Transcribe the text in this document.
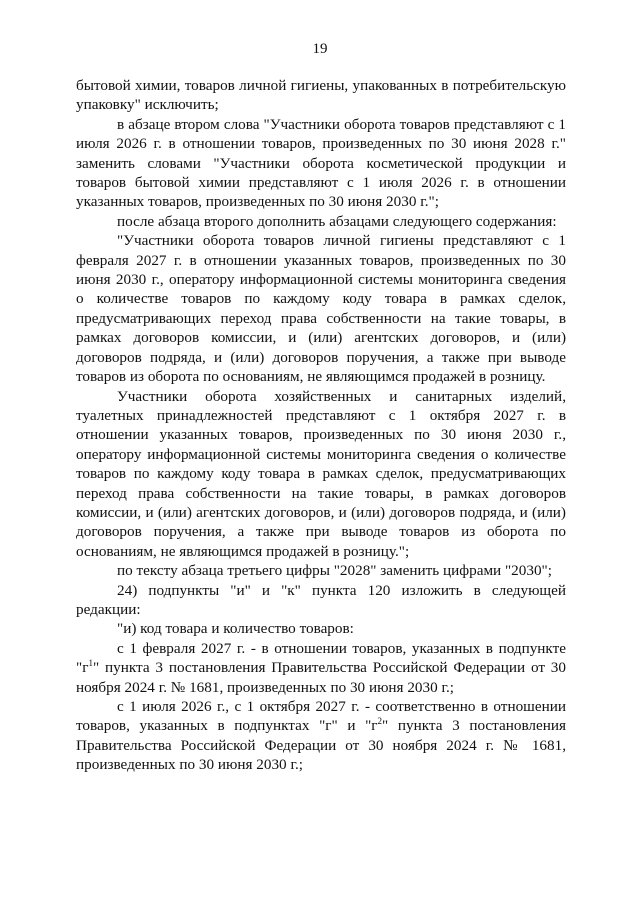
19

бытовой химии, товаров личной гигиены, упакованных в потребительскую упаковку" исключить;

в абзаце втором слова "Участники оборота товаров представляют с 1 июля 2026 г. в отношении товаров, произведенных по 30 июня 2028 г." заменить словами "Участники оборота косметической продукции и товаров бытовой химии представляют с 1 июля 2026 г. в отношении указанных товаров, произведенных по 30 июня 2030 г.";

после абзаца второго дополнить абзацами следующего содержания:

"Участники оборота товаров личной гигиены представляют с 1 февраля 2027 г. в отношении указанных товаров, произведенных по 30 июня 2030 г., оператору информационной системы мониторинга сведения о количестве товаров по каждому коду товара в рамках сделок, предусматривающих переход права собственности на такие товары, в рамках договоров комиссии, и (или) агентских договоров, и (или) договоров подряда, и (или) договоров поручения, а также при выводе товаров из оборота по основаниям, не являющимся продажей в розницу.

Участники оборота хозяйственных и санитарных изделий, туалетных принадлежностей представляют с 1 октября 2027 г. в отношении указанных товаров, произведенных по 30 июня 2030 г., оператору информационной системы мониторинга сведения о количестве товаров по каждому коду товара в рамках сделок, предусматривающих переход права собственности на такие товары, в рамках договоров комиссии, и (или) агентских договоров, и (или) договоров подряда, и (или) договоров поручения, а также при выводе товаров из оборота по основаниям, не являющимся продажей в розницу.";

по тексту абзаца третьего цифры "2028" заменить цифрами "2030";

24) подпункты "и" и "к" пункта 120 изложить в следующей редакции:

"и) код товара и количество товаров:

с 1 февраля 2027 г. - в отношении товаров, указанных в подпункте "$г^1$" пункта 3 постановления Правительства Российской Федерации от 30 ноября 2024 г. № 1681, произведенных по 30 июня 2030 г.;

с 1 июля 2026 г., с 1 октября 2027 г. - соответственно в отношении товаров, указанных в подпунктах "г" и "$г^2$" пункта 3 постановления Правительства Российской Федерации от 30 ноября 2024 г. № 1681, произведенных по 30 июня 2030 г.;
